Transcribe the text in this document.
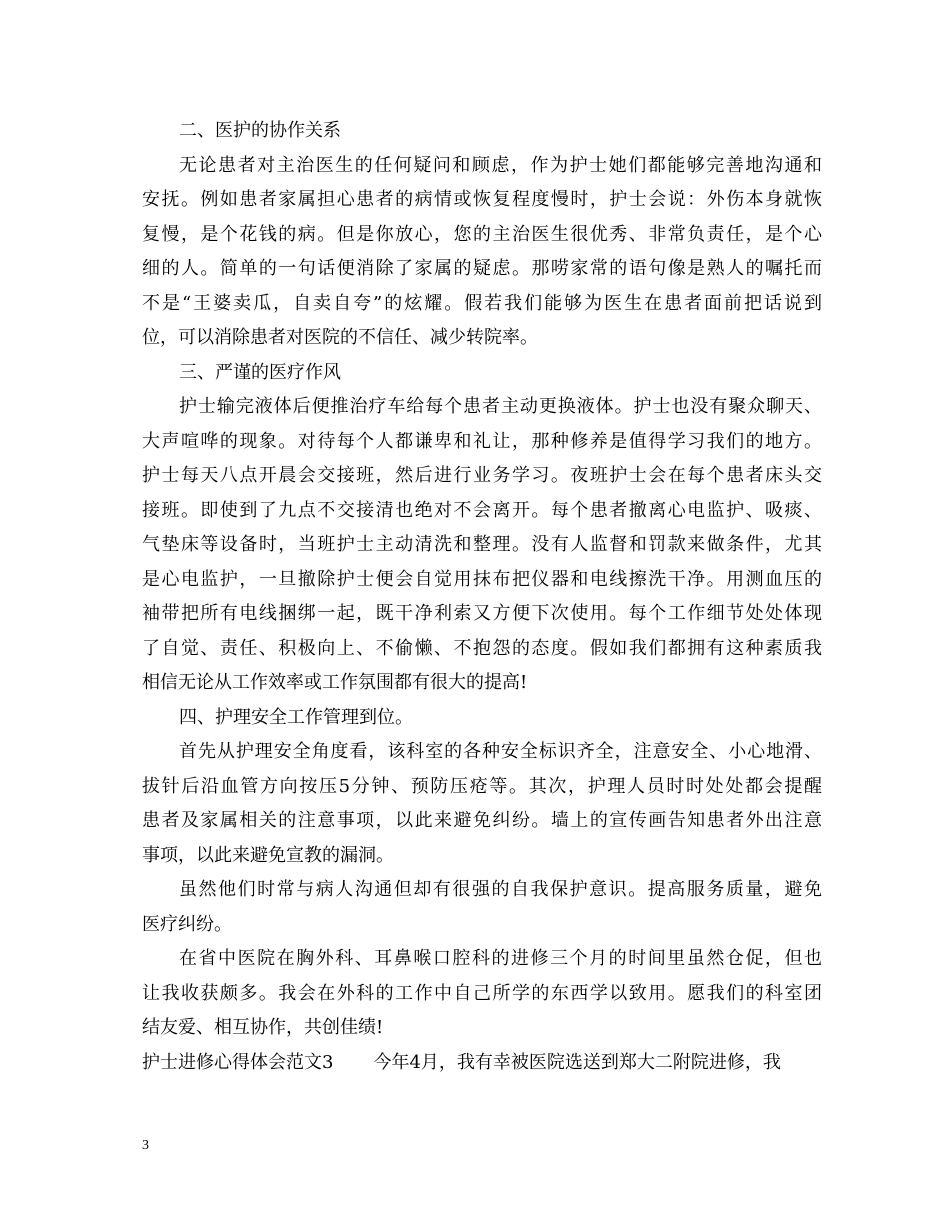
二、医护的协作关系
无论患者对主治医生的任何疑问和顾虑，作为护士她们都能够完善地沟通和
安抚。例如患者家属担心患者的病情或恢复程度慢时，护士会说：外伤本身就恢
复慢，是个花钱的病。但是你放心，您的主治医生很优秀、非常负责任，是个心
细的人。简单的一句话便消除了家属的疑虑。那唠家常的语句像是熟人的嘱托而
不是“王婆卖瓜，自卖自夸”的炫耀。假若我们能够为医生在患者面前把话说到
位，可以消除患者对医院的不信任、减少转院率。
三、严谨的医疗作风
护士输完液体后便推治疗车给每个患者主动更换液体。护士也没有聚众聊天、
大声喧哗的现象。对待每个人都谦卑和礼让，那种修养是值得学习我们的地方。
护士每天八点开晨会交接班，然后进行业务学习。夜班护士会在每个患者床头交
接班。即使到了九点不交接清也绝对不会离开。每个患者撤离心电监护、吸痰、
气垫床等设备时，当班护士主动清洗和整理。没有人监督和罚款来做条件，尤其
是心电监护，一旦撤除护士便会自觉用抹布把仪器和电线擦洗干净。用测血压的
袖带把所有电线捆绑一起，既干净利索又方便下次使用。每个工作细节处处体现
了自觉、责任、积极向上、不偷懒、不抱怨的态度。假如我们都拥有这种素质我
相信无论从工作效率或工作氛围都有很大的提高!
四、护理安全工作管理到位。
首先从护理安全角度看，该科室的各种安全标识齐全，注意安全、小心地滑、
拔针后沿血管方向按压5分钟、预防压疮等。其次，护理人员时时处处都会提醒
患者及家属相关的注意事项，以此来避免纠纷。墙上的宣传画告知患者外出注意
事项，以此来避免宣教的漏洞。
虽然他们时常与病人沟通但却有很强的自我保护意识。提高服务质量，避免
医疗纠纷。
在省中医院在胸外科、耳鼻喉口腔科的进修三个月的时间里虽然仓促，但也
让我收获颇多。我会在外科的工作中自己所学的东西学以致用。愿我们的科室团
结友爱、相互协作，共创佳绩!
护士进修心得体会范文3 今年4月，我有幸被医院选送到郑大二附院进修，我
3
